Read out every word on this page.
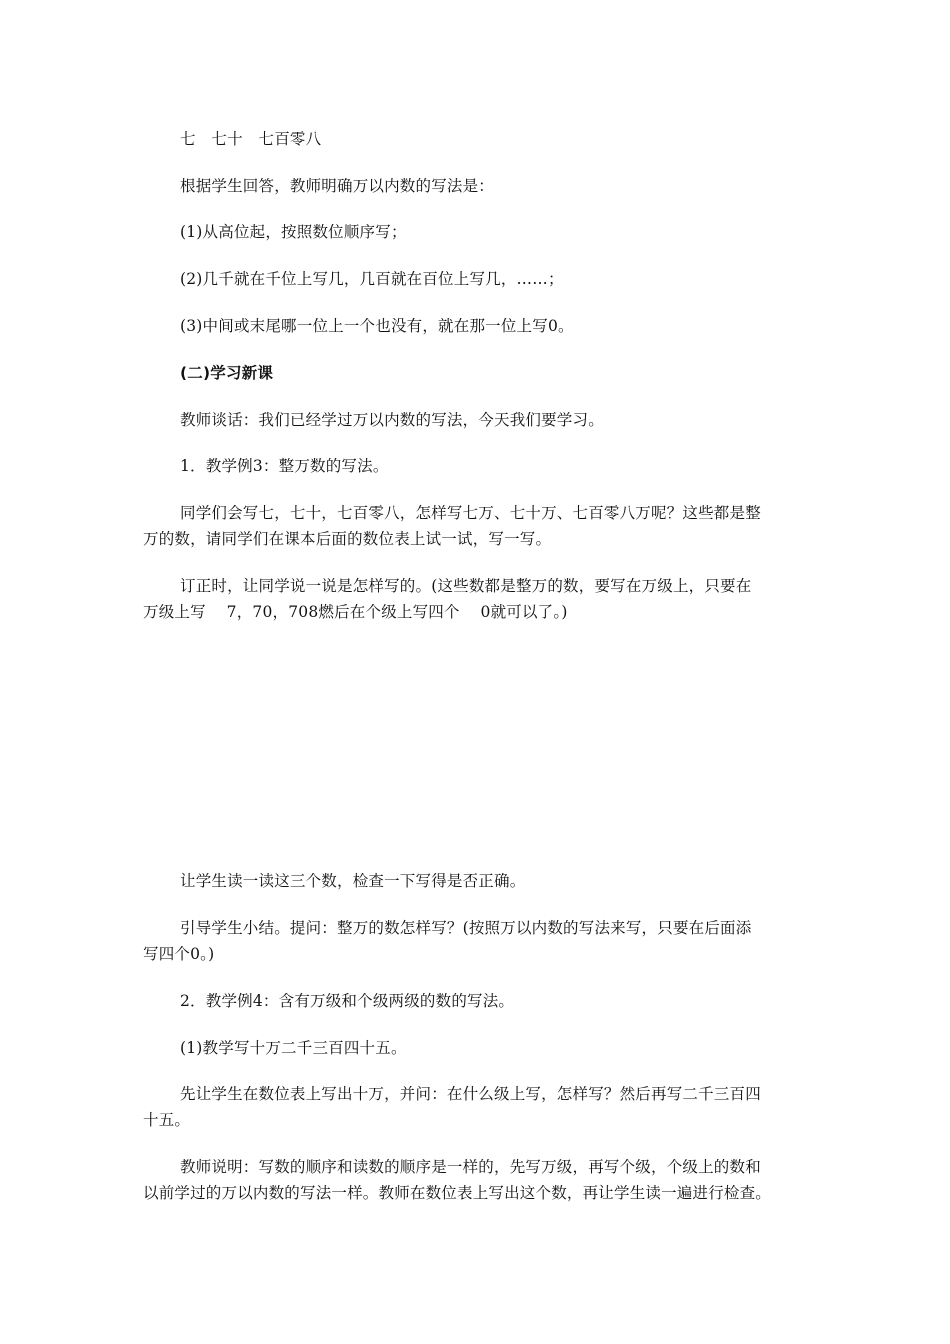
七　七十　七百零八
根据学生回答，教师明确万以内数的写法是：
(1)从高位起，按照数位顺序写；
(2)几千就在千位上写几，几百就在百位上写几，……；
(3)中间或末尾哪一位上一个也没有，就在那一位上写0。
(二)学习新课
教师谈话：我们已经学过万以内数的写法，今天我们要学习。
1．教学例3：整万数的写法。
同学们会写七，七十，七百零八，怎样写七万、七十万、七百零八万呢？这些都是整
万的数，请同学们在课本后面的数位表上试一试，写一写。
订正时，让同学说一说是怎样写的。(这些数都是整万的数，要写在万级上，只要在
万级上写　 7，70，708燃后在个级上写四个　 0就可以了。)
让学生读一读这三个数，检查一下写得是否正确。
引导学生小结。提问：整万的数怎样写？(按照万以内数的写法来写，只要在后面添
写四个0。)
2．教学例4：含有万级和个级两级的数的写法。
(1)教学写十万二千三百四十五。
先让学生在数位表上写出十万，并问：在什么级上写，怎样写？然后再写二千三百四
十五。
教师说明：写数的顺序和读数的顺序是一样的，先写万级，再写个级，个级上的数和
以前学过的万以内数的写法一样。教师在数位表上写出这个数，再让学生读一遍进行检查。
